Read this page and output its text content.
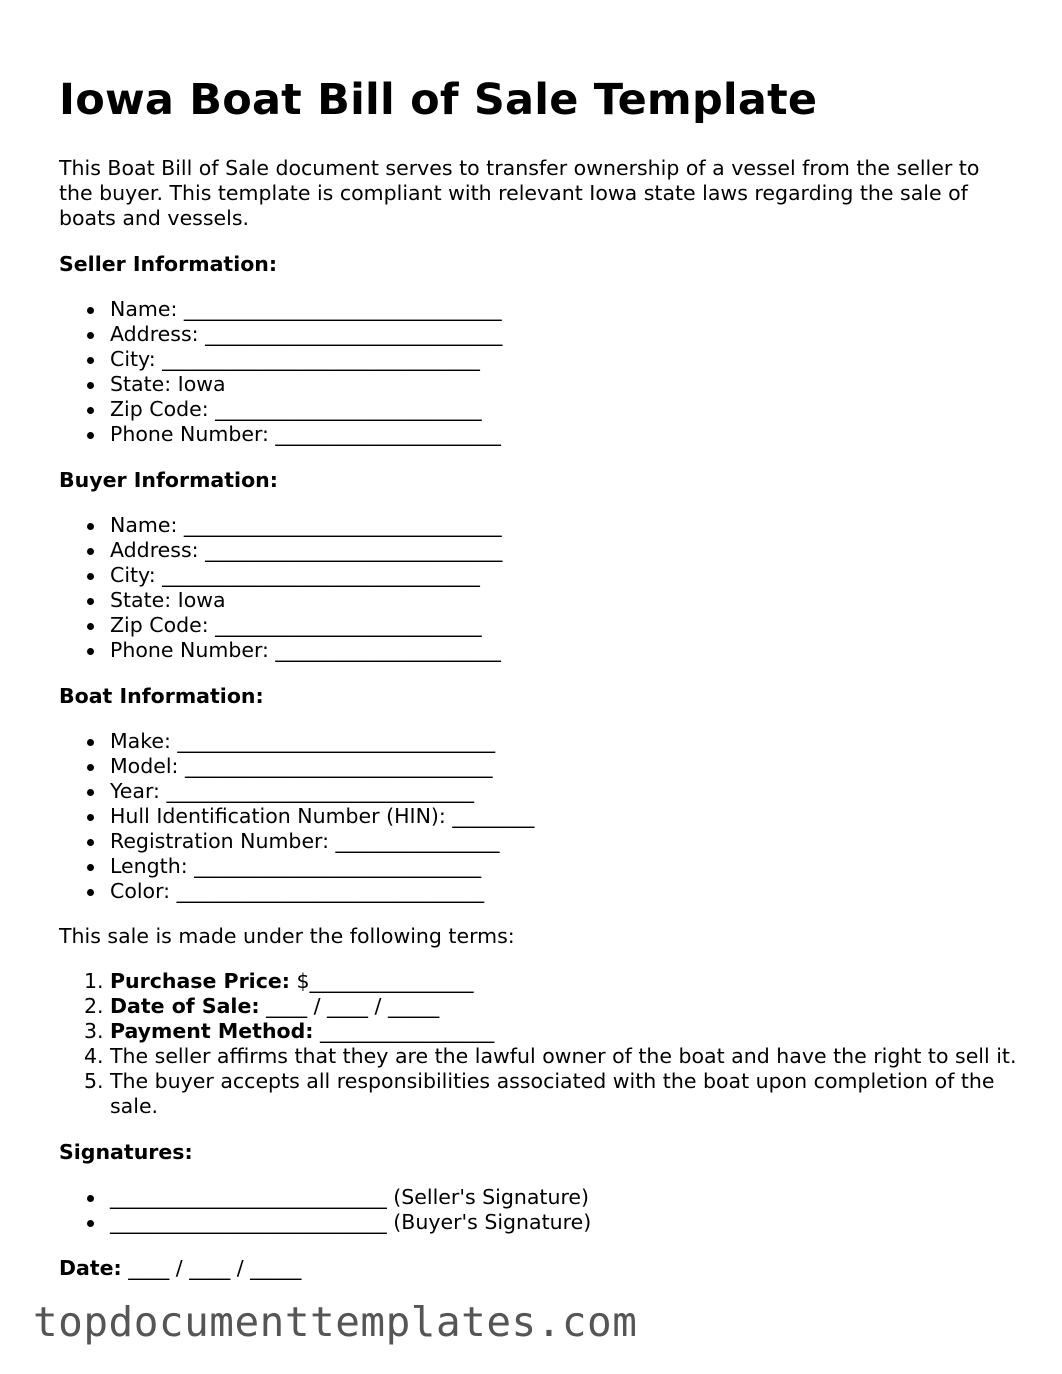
Iowa Boat Bill of Sale Template

This Boat Bill of Sale document serves to transfer ownership of a vessel from the seller to the buyer. This template is compliant with relevant Iowa state laws regarding the sale of boats and vessels.

Seller Information:
Name: _______________________________
Address: _____________________________
City: _______________________________
State: Iowa
Zip Code: __________________________
Phone Number: ______________________
Buyer Information:
Name: _______________________________
Address: _____________________________
City: _______________________________
State: Iowa
Zip Code: __________________________
Phone Number: ______________________
Boat Information:
Make: _______________________________
Model: ______________________________
Year: ______________________________
Hull Identification Number (HIN): ________
Registration Number: ________________
Length: ____________________________
Color: ______________________________

This sale is made under the following terms:

1. Purchase Price: $________________
2. Date of Sale: ____ / ____ / _____
3. Payment Method: _________________
4. The seller affirms that they are the lawful owner of the boat and have the right to sell it.
5. The buyer accepts all responsibilities associated with the boat upon completion of the sale.
Signatures:
___________________________ (Seller's Signature)
___________________________ (Buyer's Signature)
Date: ____ / ____ / _____
topdocumenttemplates.com
